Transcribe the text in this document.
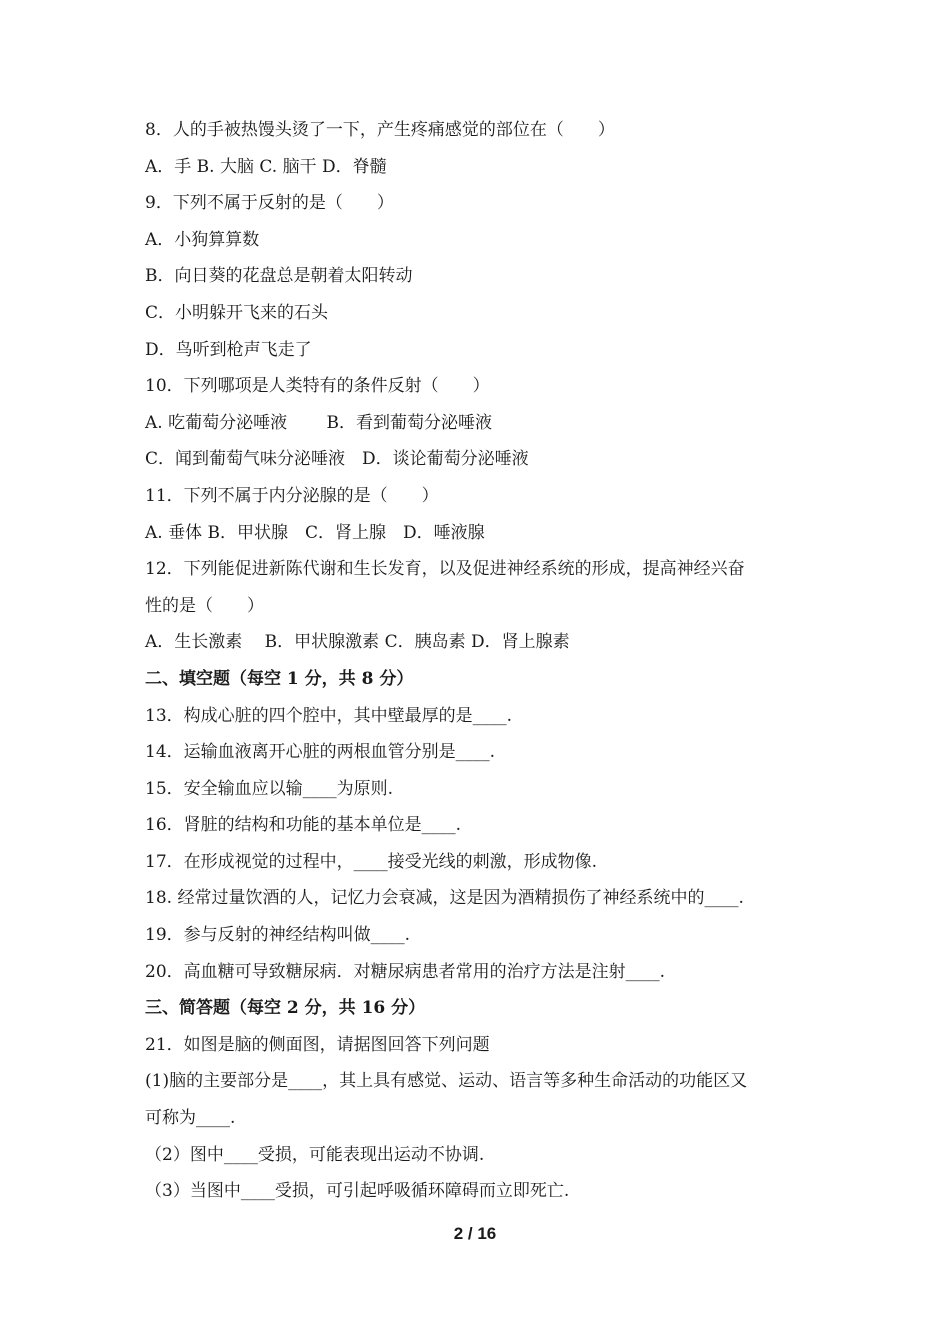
8．人的手被热馒头烫了一下，产生疼痛感觉的部位在（　　）
A．手 B. 大脑 C. 脑干 D．脊髓
9．下列不属于反射的是（　　）
A．小狗算算数
B．向日葵的花盘总是朝着太阳转动
C．小明躲开飞来的石头
D．鸟听到枪声飞走了
10．下列哪项是人类特有的条件反射（　　）
A. 吃葡萄分泌唾液　　 B．看到葡萄分泌唾液
C．闻到葡萄气味分泌唾液　D．谈论葡萄分泌唾液
11．下列不属于内分泌腺的是（　　）
A. 垂体 B．甲状腺　C．肾上腺　D．唾液腺
12．下列能促进新陈代谢和生长发育，以及促进神经系统的形成，提高神经兴奋
性的是（　　）
A．生长激素　 B．甲状腺激素 C．胰岛素 D．肾上腺素
二、填空题（每空 1 分，共 8 分）
13．构成心脏的四个腔中，其中壁最厚的是____.
14．运输血液离开心脏的两根血管分别是____.
15．安全输血应以输____为原则.
16．肾脏的结构和功能的基本单位是____.
17．在形成视觉的过程中，____接受光线的刺激，形成物像.
18. 经常过量饮酒的人，记忆力会衰减，这是因为酒精损伤了神经系统中的____.
19．参与反射的神经结构叫做____.
20．高血糖可导致糖尿病．对糖尿病患者常用的治疗方法是注射____.
三、简答题（每空 2 分，共 16 分）
21．如图是脑的侧面图，请据图回答下列问题
(1)脑的主要部分是____，其上具有感觉、运动、语言等多种生命活动的功能区又
可称为____.
（2）图中____受损，可能表现出运动不协调.
（3）当图中____受损，可引起呼吸循环障碍而立即死亡.
2 / 16
